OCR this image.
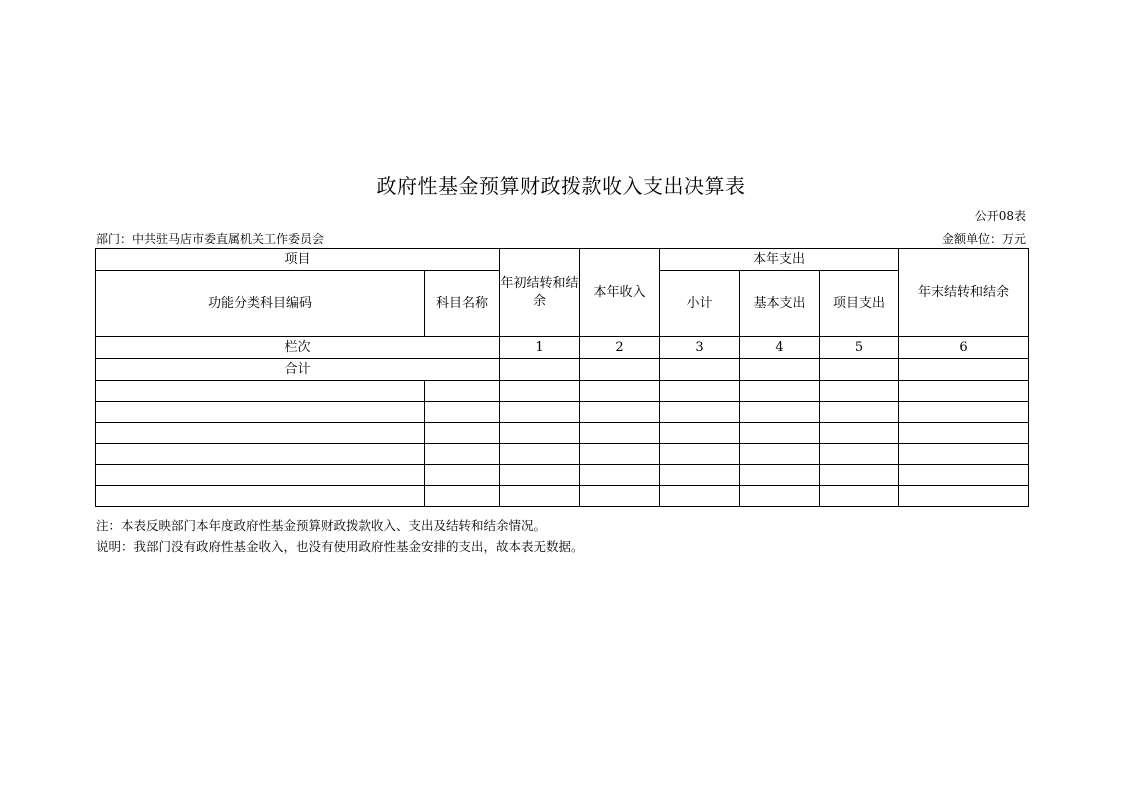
政府性基金预算财政拨款收入支出决算表
公开08表
部门：中共驻马店市委直属机关工作委员会	金额单位：万元
项目		年初结转和结余	本年收入	本年支出			年末结转和结余
功能分类科目编码	科目名称			小计	基本支出	项目支出	
栏次		1	2	3	4	5	6
合计							

注：本表反映部门本年度政府性基金预算财政拨款收入、支出及结转和结余情况。
说明：我部门没有政府性基金收入，也没有使用政府性基金安排的支出，故本表无数据。
